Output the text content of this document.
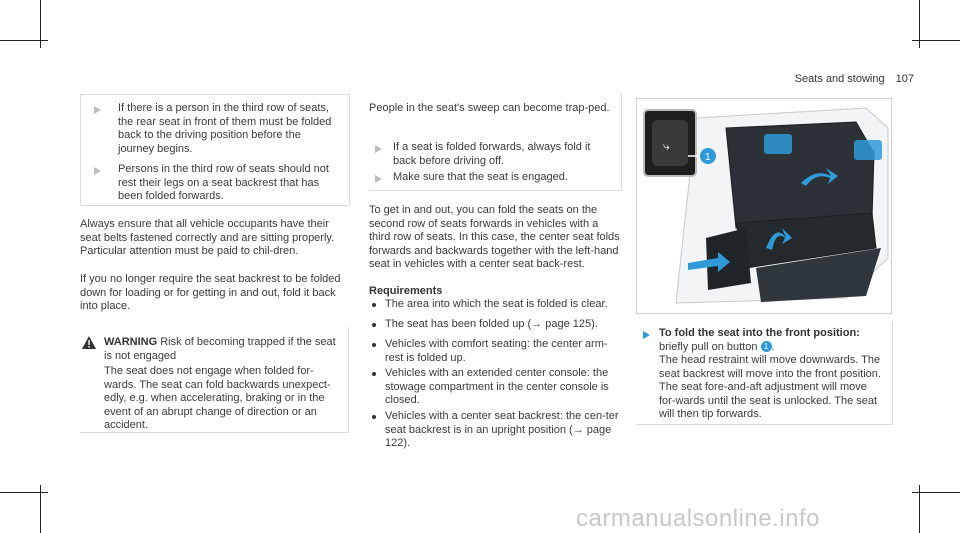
Seats and stowing 107

If there is a person in the third row of seats, the rear seat in front of them must be folded back to the driving position before the journey begins.

Persons in the third row of seats should not rest their legs on a seat backrest that has been folded forwards.

Always ensure that all vehicle occupants have their seat belts fastened correctly and are sitting properly. Particular attention must be paid to chil-dren.

If you no longer require the seat backrest to be folded down for loading or for getting in and out, fold it back into place.

WARNING Risk of becoming trapped if the seat is not engaged

The seat does not engage when folded for-wards. The seat can fold backwards unexpect-edly, e.g. when accelerating, braking or in the event of an abrupt change of direction or an accident.

People in the seat's sweep can become trap-ped.

If a seat is folded forwards, always fold it back before driving off.

Make sure that the seat is engaged.

To get in and out, you can fold the seats on the second row of seats forwards in vehicles with a third row of seats. In this case, the center seat folds forwards and backwards together with the left-hand seat in vehicles with a center seat back-rest.

Requirements

The area into which the seat is folded is clear.

The seat has been folded up (→ page 125).

Vehicles with comfort seating: the center arm-rest is folded up.

Vehicles with an extended center console: the stowage compartment in the center console is closed.

Vehicles with a center seat backrest: the cen-ter seat backrest is in an upright position (→ page 122).

⤷
1

To fold the seat into the front position: briefly pull on button 1 .

The head restraint will move downwards. The seat backrest will move into the front position. The seat fore-and-aft adjustment will move for-wards until the seat is unlocked. The seat will then tip forwards.

carmanualsonline.info
